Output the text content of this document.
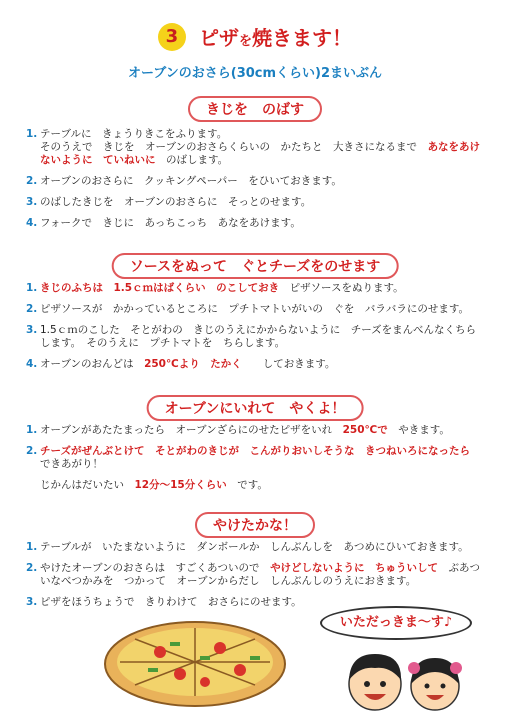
3 ピザを焼きます！
オーブンのおさら(30cmくらい)2まいぶん
きじを　 のばす
1. テーブルに　きょうりきこをふります。
そのうえで　きじを　オーブンのおさらくらいの　かたちと　大きさになるまで　あなをあけないように　ていねいに　のばします。
2. オーブンのおさらに　クッキングペーパー　をひいておきます。
3. のばしたきじを　オーブンのおさらに　そっとのせます。
4. フォークで　きじに　あっちこっち　あなをあけます。
ソースをぬって　ぐとチーズをのせます
1. きじのふちは　1.5ｃｍはばくらい　のこしておき　ピザソースをぬります。
2. ピザソースが　かかっているところに　プチトマトいがいの　ぐを　バラバラにのせます。
3. 1.5ｃｍのこした　そとがわの　きじのうえにかからないように　チーズをまんべんなくちらします。　そのうえに　プチトマトを　ちらします。
4. オーブンのおんどは　250℃より　たかく　　しておきます。
オーブンにいれて　やくよ！
1. オーブンがあたたまったら　オーブンざらにのせたピザをいれ　250℃で　やきます。
2. チーズがぜんぶとけて　そとがわのきじが　こんがりおいしそうな　きつねいろになったら
できあがり！
じかんはだいたい　12分～15分くらい　です。
やけたかな！
1. テーブルが　いたまないように　ダンボールか　しんぶんしを　あつめにひいておきます。
2. やけたオーブンのおさらは　すごくあついので　やけどしないように　ちゅういして　ぶあついなべつかみを　つかって　オーブンからだし　しんぶんしのうえにおきます。
3. ピザをほうちょうで　きりわけて　おさらにのせます。
いただっきま～す♪
